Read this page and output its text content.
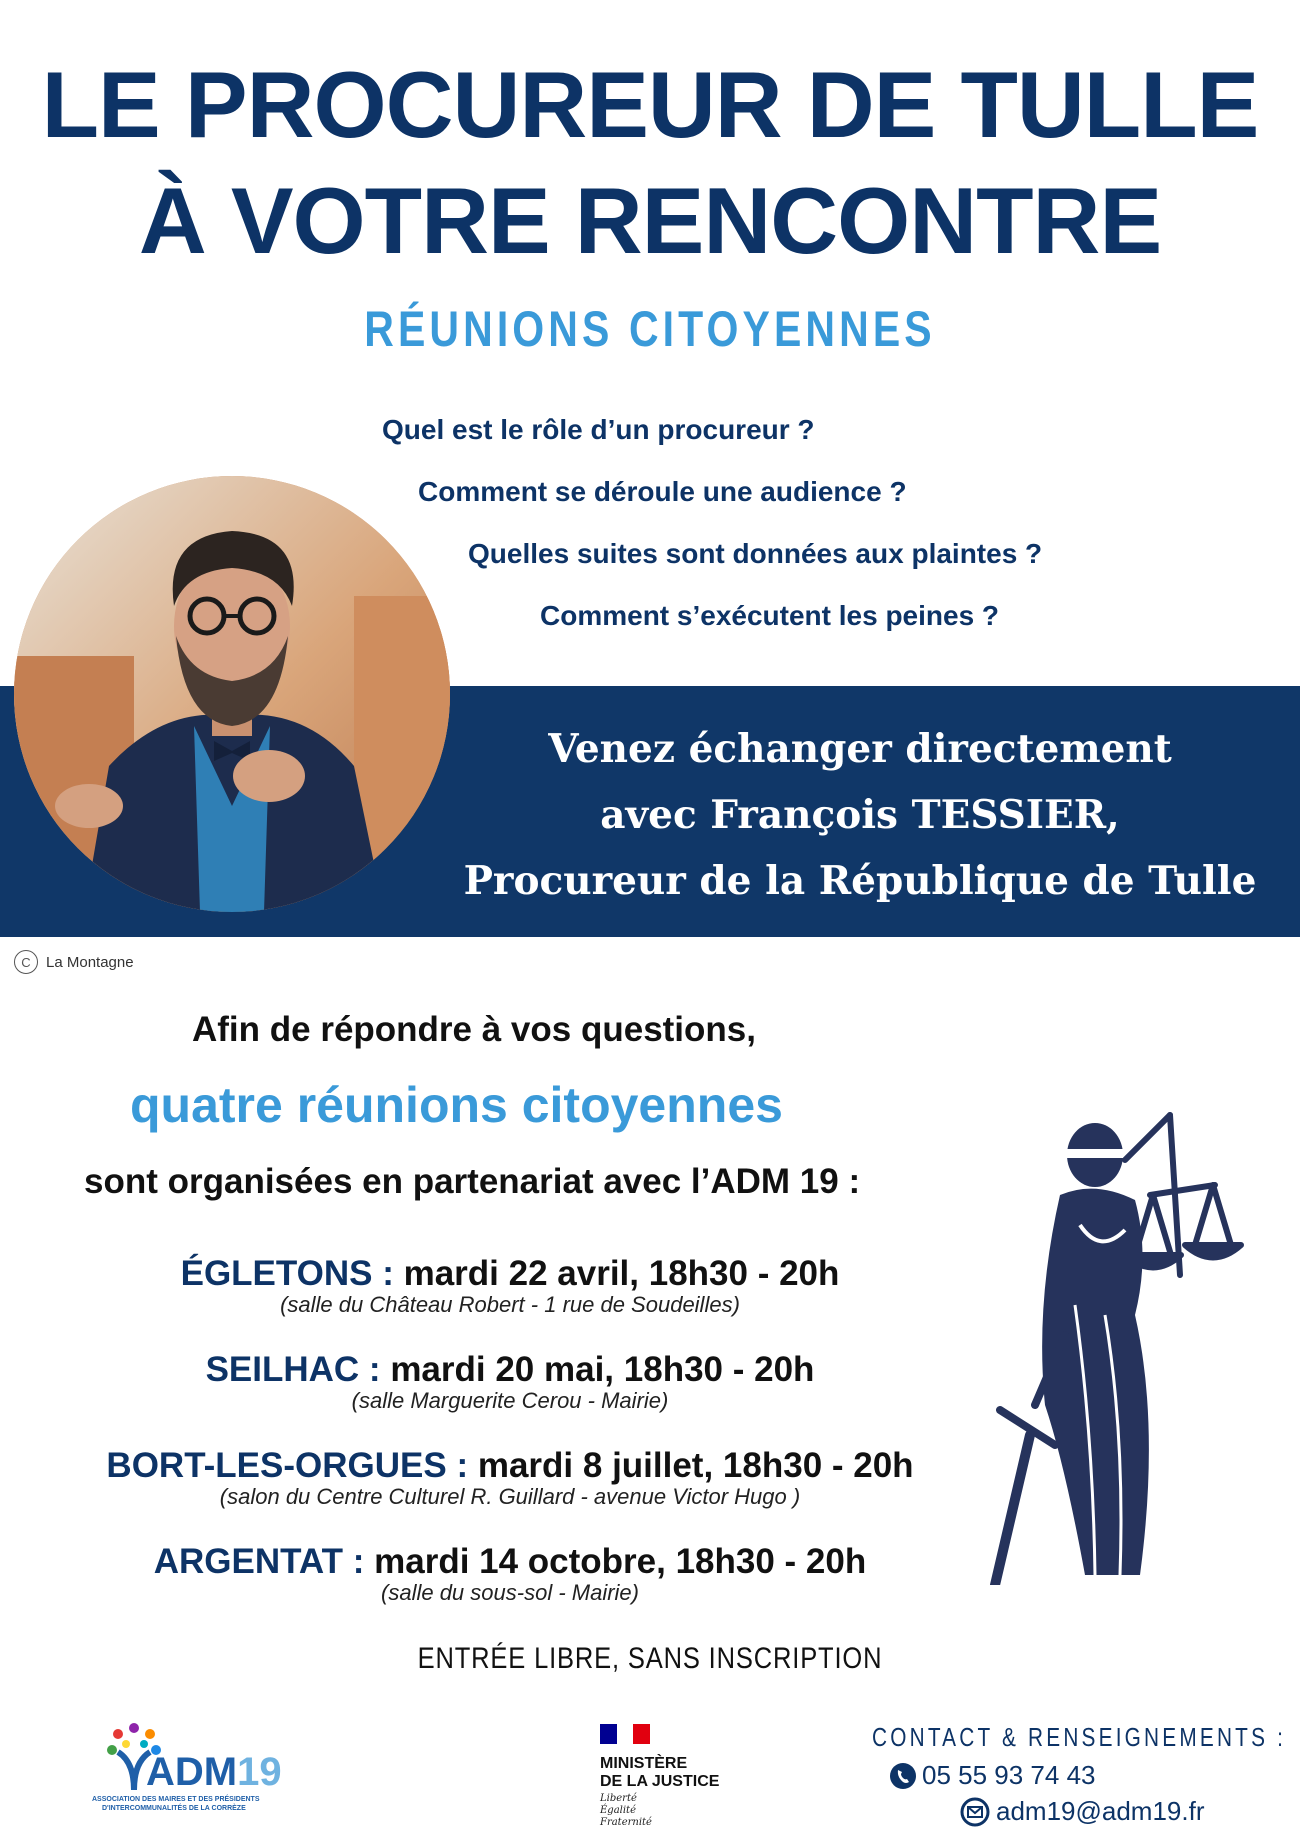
LE PROCUREUR DE TULLE
À VOTRE RENCONTRE
RÉUNIONS CITOYENNES
Quel est le rôle d’un procureur ?
Comment se déroule une audience ?
Quelles suites sont données aux plaintes ?
Comment s’exécutent les peines ?
Venez échanger directement
avec François TESSIER,
Procureur de la République de Tulle
C	La Montagne
Afin de répondre à vos questions,
quatre réunions citoyennes
sont organisées en partenariat avec l’ADM 19 :
ÉGLETONS : mardi 22 avril, 18h30 - 20h
(salle du Château Robert - 1 rue de Soudeilles)
SEILHAC : mardi 20 mai, 18h30 - 20h
(salle Marguerite Cerou - Mairie)
BORT-LES-ORGUES : mardi 8 juillet, 18h30 - 20h
(salon du Centre Culturel R. Guillard - avenue Victor Hugo )
ARGENTAT : mardi 14 octobre, 18h30 - 20h
(salle du sous-sol - Mairie)
ENTRÉE LIBRE, SANS INSCRIPTION
ADM19
ASSOCIATION DES MAIRES ET DES PRÉSIDENTS
D'INTERCOMMUNALITÉS DE LA CORRÈZE
MINISTÈRE
DE LA JUSTICE
Liberté
Égalité
Fraternité
CONTACT & RENSEIGNEMENTS :
05 55 93 74 43
adm19@adm19.fr
